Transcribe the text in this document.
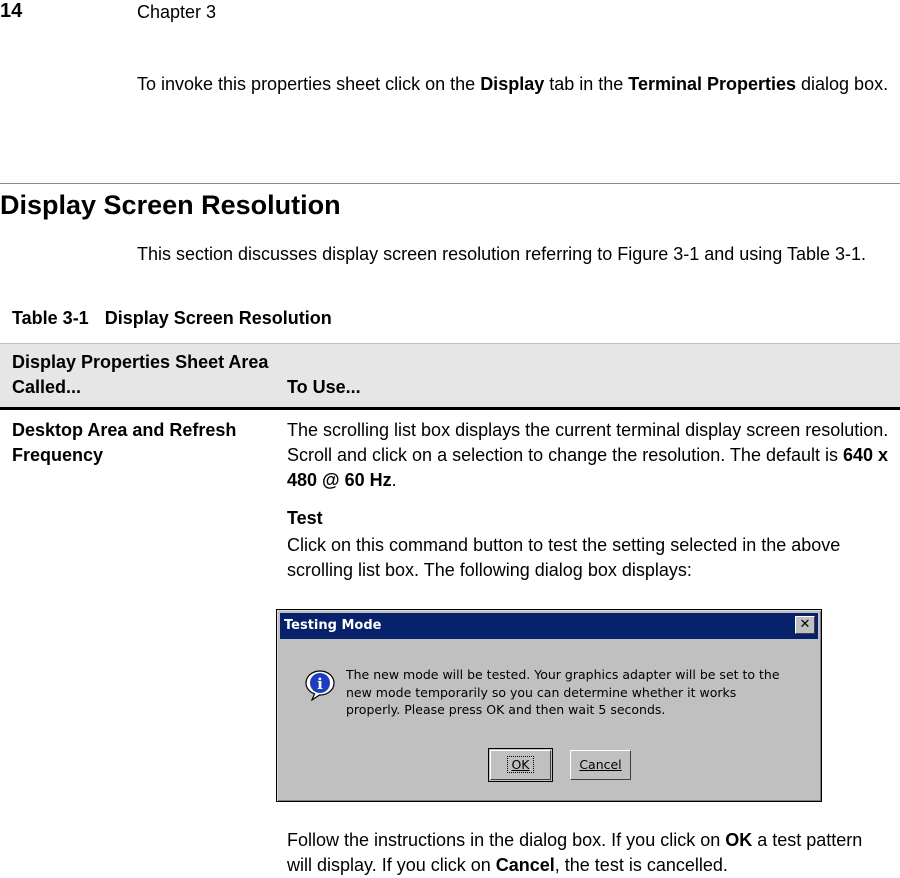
14	Chapter 3
To invoke this properties sheet click on the Display tab in the Terminal Properties dialog box.
Display Screen Resolution
This section discusses display screen resolution referring to Figure 3-1 and using Table 3-1.
Table 3-1 Display Screen Resolution
Display Properties Sheet Area Called...	To Use...
Desktop Area and Refresh Frequency
The scrolling list box displays the current terminal display screen resolution. Scroll and click on a selection to change the resolution. The default is 640 x 480 @ 60 Hz.
Test
Click on this command button to test the setting selected in the above scrolling list box. The following dialog box displays:
Testing Mode	✕
i
The new mode will be tested. Your graphics adapter will be set to the
new mode temporarily so you can determine whether it works
properly. Please press OK and then wait 5 seconds.
OK	Cancel
Follow the instructions in the dialog box. If you click on OK a test pattern will display. If you click on Cancel, the test is cancelled.
